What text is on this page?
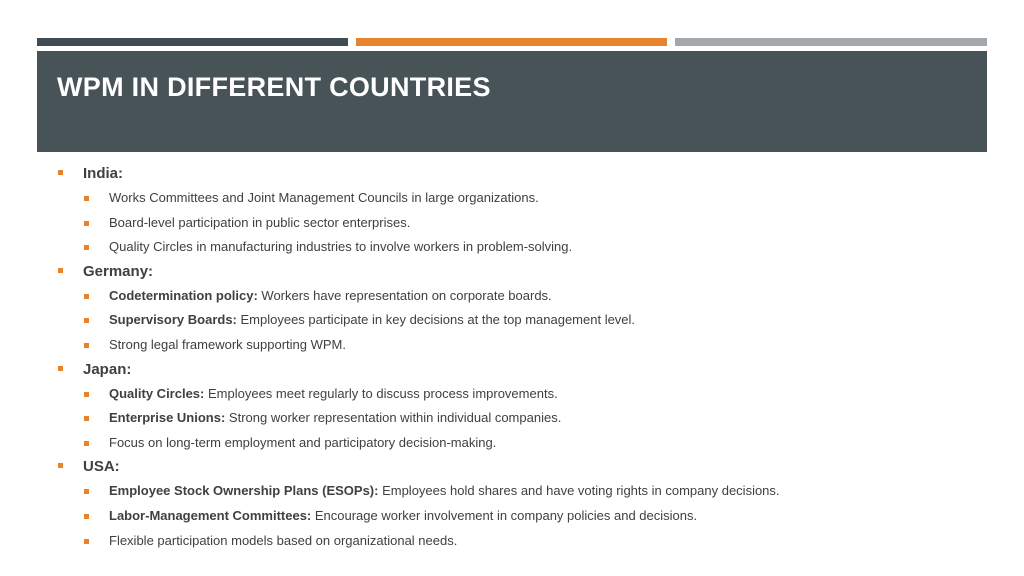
WPM IN DIFFERENT COUNTRIES
India:
Works Committees and Joint Management Councils in large organizations.
Board-level participation in public sector enterprises.
Quality Circles in manufacturing industries to involve workers in problem-solving.
Germany:
Codetermination policy: Workers have representation on corporate boards.
Supervisory Boards: Employees participate in key decisions at the top management level.
Strong legal framework supporting WPM.
Japan:
Quality Circles: Employees meet regularly to discuss process improvements.
Enterprise Unions: Strong worker representation within individual companies.
Focus on long-term employment and participatory decision-making.
USA:
Employee Stock Ownership Plans (ESOPs): Employees hold shares and have voting rights in company decisions.
Labor-Management Committees: Encourage worker involvement in company policies and decisions.
Flexible participation models based on organizational needs.
